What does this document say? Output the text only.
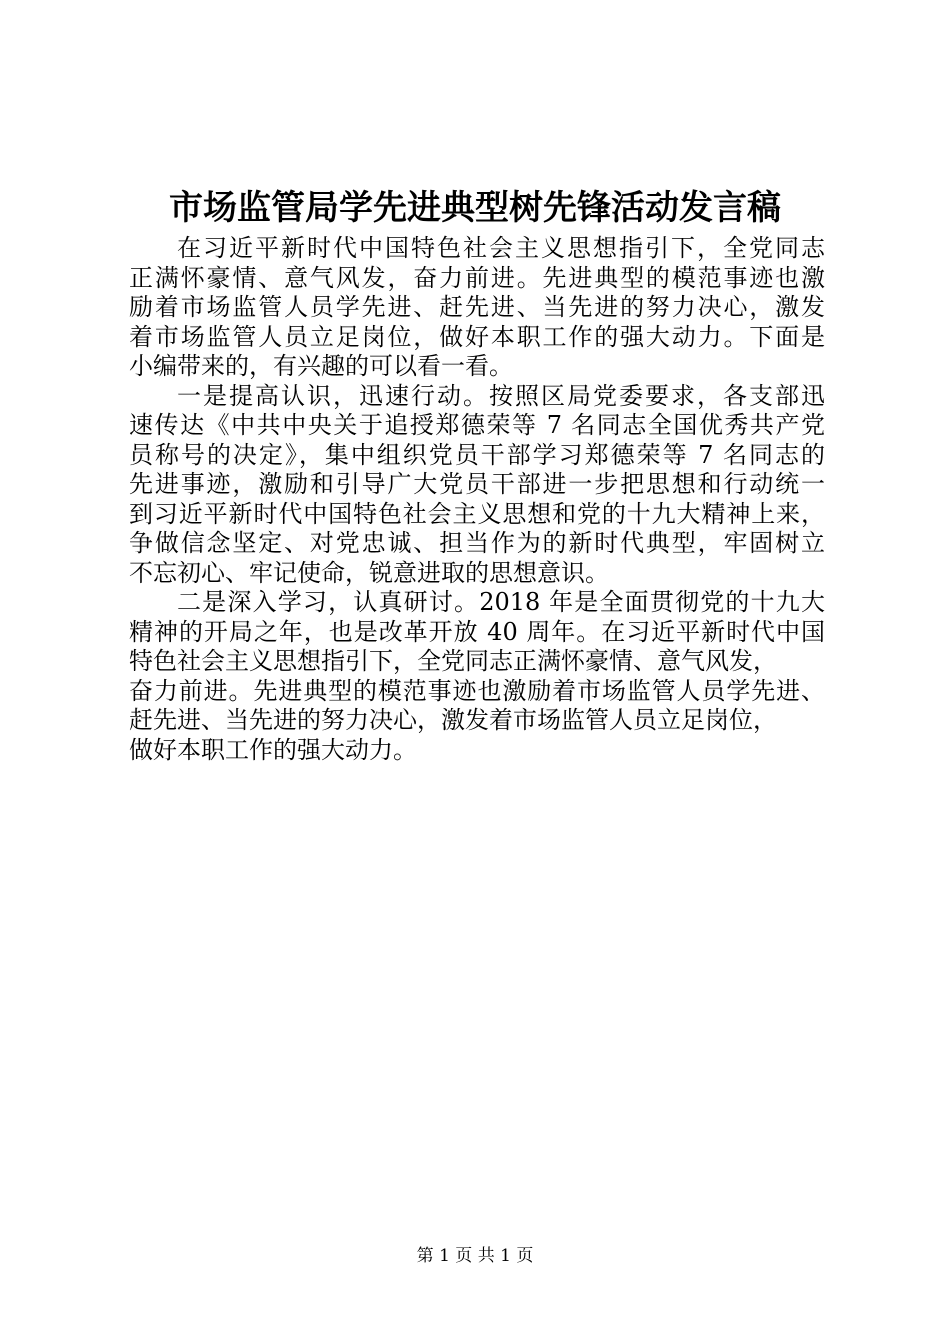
市场监管局学先进典型树先锋活动发言稿

在习近平新时代中国特色社会主义思想指引下，全党同志
正满怀豪情、意气风发，奋力前进。先进典型的模范事迹也激
励着市场监管人员学先进、赶先进、当先进的努力决心，激发
着市场监管人员立足岗位，做好本职工作的强大动力。下面是
小编带来的，有兴趣的可以看一看。

一是提高认识，迅速行动。按照区局党委要求，各支部迅
速传达《中共中央关于追授郑德荣等 7 名同志全国优秀共产党
员称号的决定》，集中组织党员干部学习郑德荣等 7 名同志的
先进事迹，激励和引导广大党员干部进一步把思想和行动统一
到习近平新时代中国特色社会主义思想和党的十九大精神上来，
争做信念坚定、对党忠诚、担当作为的新时代典型，牢固树立
不忘初心、牢记使命，锐意进取的思想意识。

二是深入学习，认真研讨。2018 年是全面贯彻党的十九大
精神的开局之年，也是改革开放 40 周年。在习近平新时代中国
特色社会主义思想指引下，全党同志正满怀豪情、意气风发，
奋力前进。先进典型的模范事迹也激励着市场监管人员学先进、
赶先进、当先进的努力决心，激发着市场监管人员立足岗位，
做好本职工作的强大动力。

第 1 页 共 1 页
